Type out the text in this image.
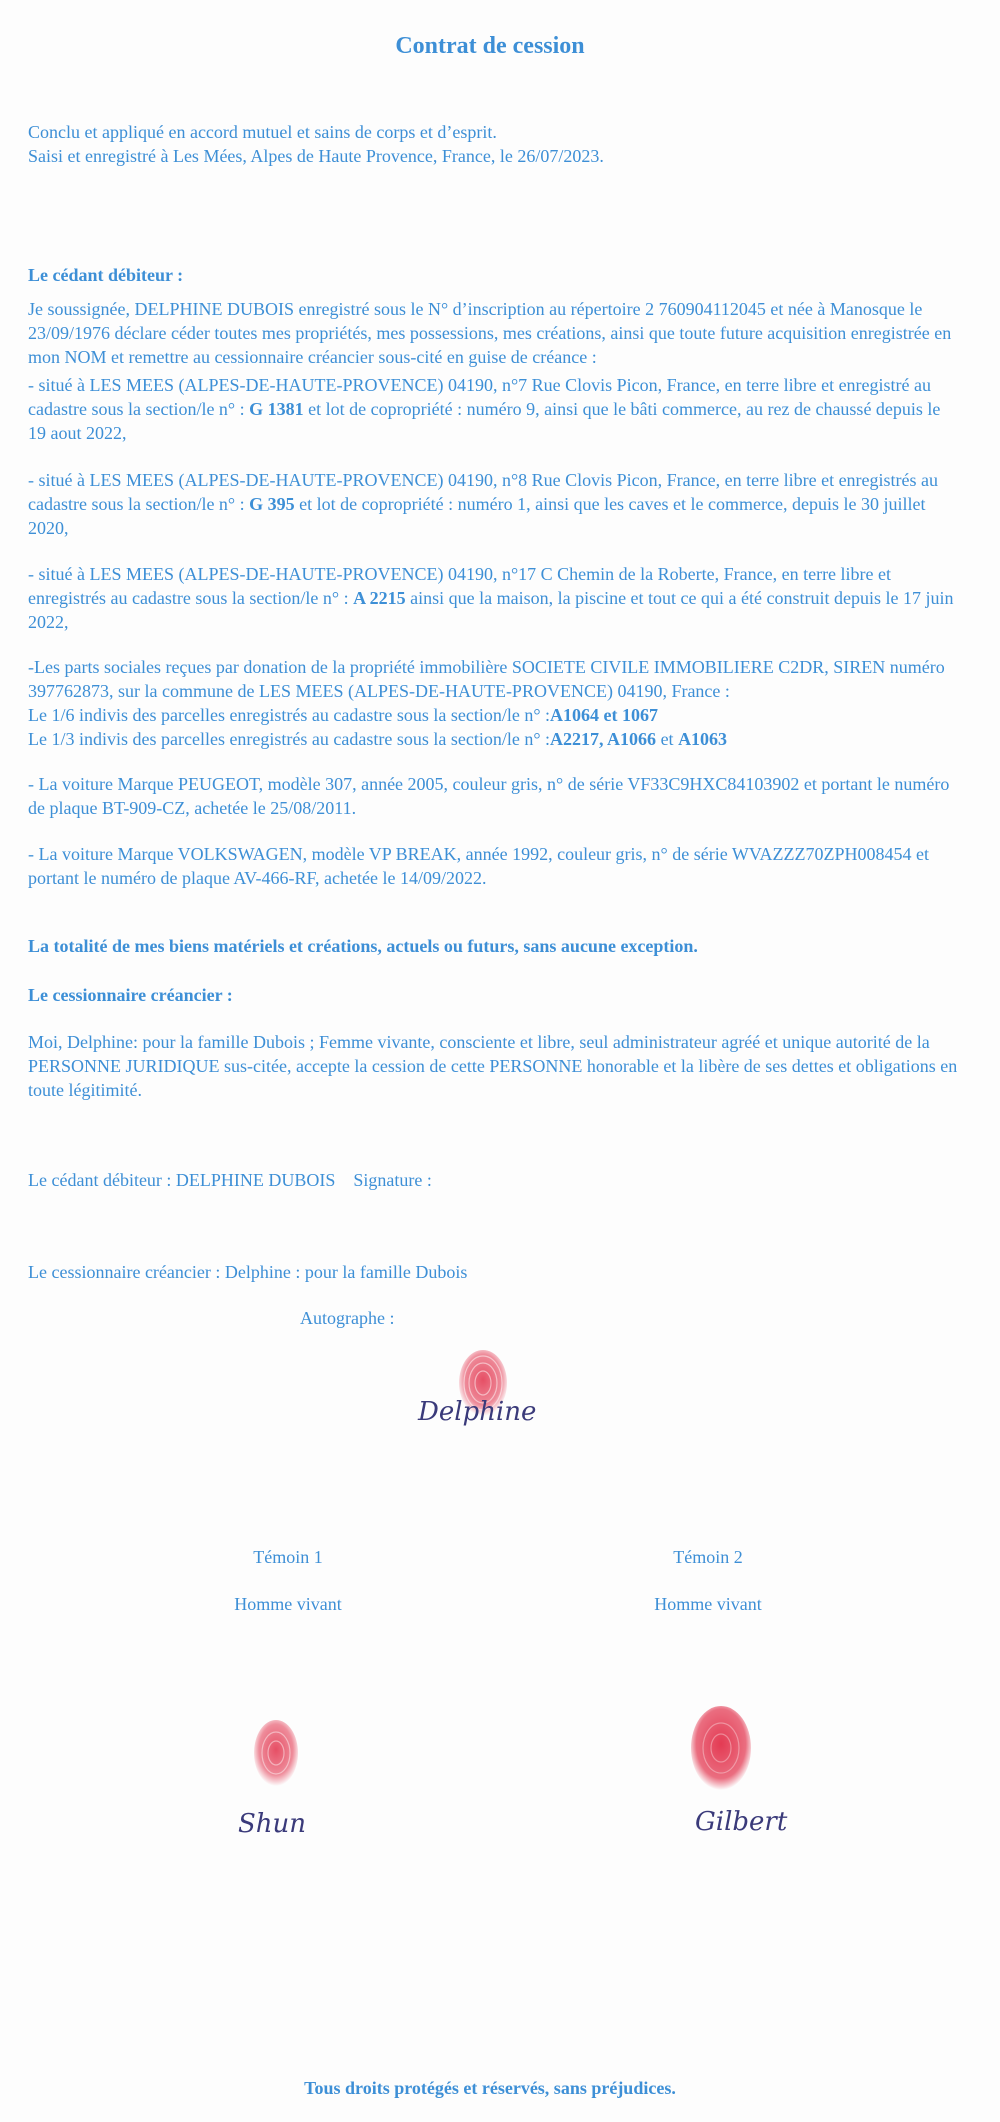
Contrat de cession

Conclu et appliqué en accord mutuel et sains de corps et d’esprit.

Saisi et enregistré à Les Mées, Alpes de Haute Provence, France, le 26/07/2023.

Le cédant débiteur :
Je soussignée, DELPHINE DUBOIS enregistré sous le N° d’inscription au répertoire 2 760904112045 et née à Manosque le 23/09/1976 déclare céder toutes mes propriétés, mes possessions, mes créations, ainsi que toute future acquisition enregistrée en mon NOM et remettre au cessionnaire créancier sous-cité en guise de créance :
- situé à LES MEES (ALPES-DE-HAUTE-PROVENCE) 04190, n°7 Rue Clovis Picon, France, en terre libre et enregistré au cadastre sous la section/le n° : G 1381 et lot de copropriété : numéro 9, ainsi que le bâti commerce, au rez de chaussé depuis le 19 aout 2022,
- situé à LES MEES (ALPES-DE-HAUTE-PROVENCE) 04190, n°8 Rue Clovis Picon, France, en terre libre et enregistrés au cadastre sous la section/le n° : G 395 et lot de copropriété : numéro 1, ainsi que les caves et le commerce, depuis le 30 juillet 2020,
- situé à LES MEES (ALPES-DE-HAUTE-PROVENCE) 04190, n°17 C Chemin de la Roberte, France, en terre libre et enregistrés au cadastre sous la section/le n° : A 2215 ainsi que la maison, la piscine et tout ce qui a été construit depuis le 17 juin 2022,

-Les parts sociales reçues par donation de la propriété immobilière SOCIETE CIVILE IMMOBILIERE C2DR, SIREN numéro 397762873, sur la commune de LES MEES (ALPES-DE-HAUTE-PROVENCE) 04190, France :

Le 1/6 indivis des parcelles enregistrés au cadastre sous la section/le n° :A1064 et 1067

Le 1/3 indivis des parcelles enregistrés au cadastre sous la section/le n° :A2217, A1066 et A1063

- La voiture Marque PEUGEOT, modèle 307, année 2005, couleur gris, n° de série VF33C9HXC84103902 et portant le numéro de plaque BT-909-CZ, achetée le 25/08/2011.
- La voiture Marque VOLKSWAGEN, modèle VP BREAK, année 1992, couleur gris, n° de série WVAZZZ70ZPH008454 et portant le numéro de plaque AV-466-RF, achetée le 14/09/2022.
La totalité de mes biens matériels et créations, actuels ou futurs, sans aucune exception.
Le cessionnaire créancier :
Moi, Delphine: pour la famille Dubois ; Femme vivante, consciente et libre, seul administrateur agréé et unique autorité de la PERSONNE JURIDIQUE sus-citée, accepte la cession de cette PERSONNE honorable et la libère de ses dettes et obligations en toute légitimité.
Le cédant débiteur : DELPHINE DUBOIS    Signature :
Le cessionnaire créancier : Delphine : pour la famille Dubois
Autographe :
Delphine
Témoin 1
Homme vivant
Shun
Témoin 2
Homme vivant
Gilbert
Tous droits protégés et réservés, sans préjudices.
